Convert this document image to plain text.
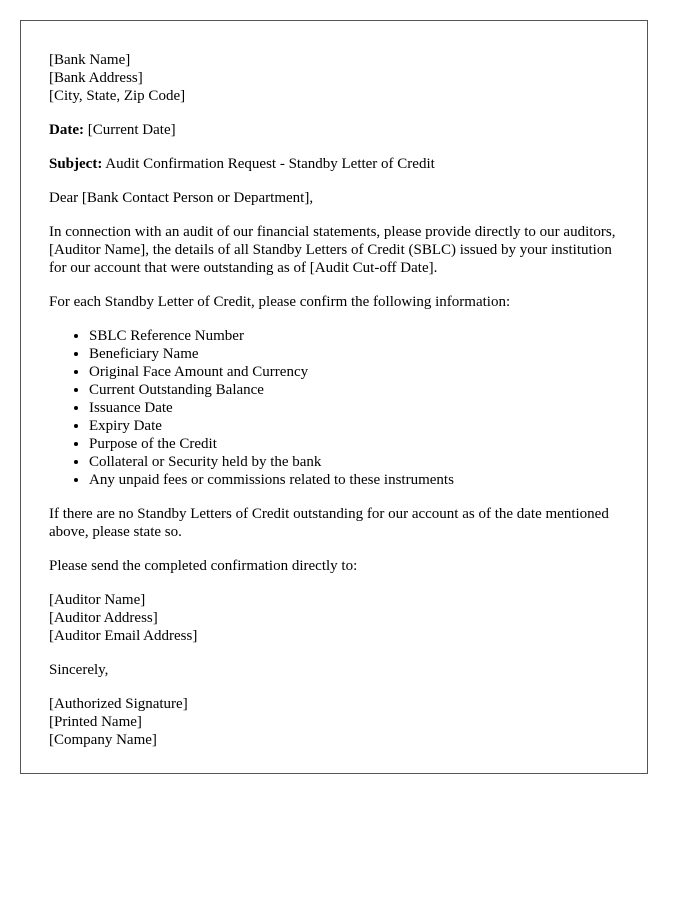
[Bank Name]
[Bank Address]
[City, State, Zip Code]

Date: [Current Date]

Subject: Audit Confirmation Request - Standby Letter of Credit

Dear [Bank Contact Person or Department],

In connection with an audit of our financial statements, please provide directly to our auditors, [Auditor Name], the details of all Standby Letters of Credit (SBLC) issued by your institution for our account that were outstanding as of [Audit Cut-off Date].

For each Standby Letter of Credit, please confirm the following information:

• SBLC Reference Number
• Beneficiary Name
• Original Face Amount and Currency
• Current Outstanding Balance
• Issuance Date
• Expiry Date
• Purpose of the Credit
• Collateral or Security held by the bank
• Any unpaid fees or commissions related to these instruments

If there are no Standby Letters of Credit outstanding for our account as of the date mentioned above, please state so.

Please send the completed confirmation directly to:

[Auditor Name]
[Auditor Address]
[Auditor Email Address]

Sincerely,

[Authorized Signature]
[Printed Name]
[Company Name]
